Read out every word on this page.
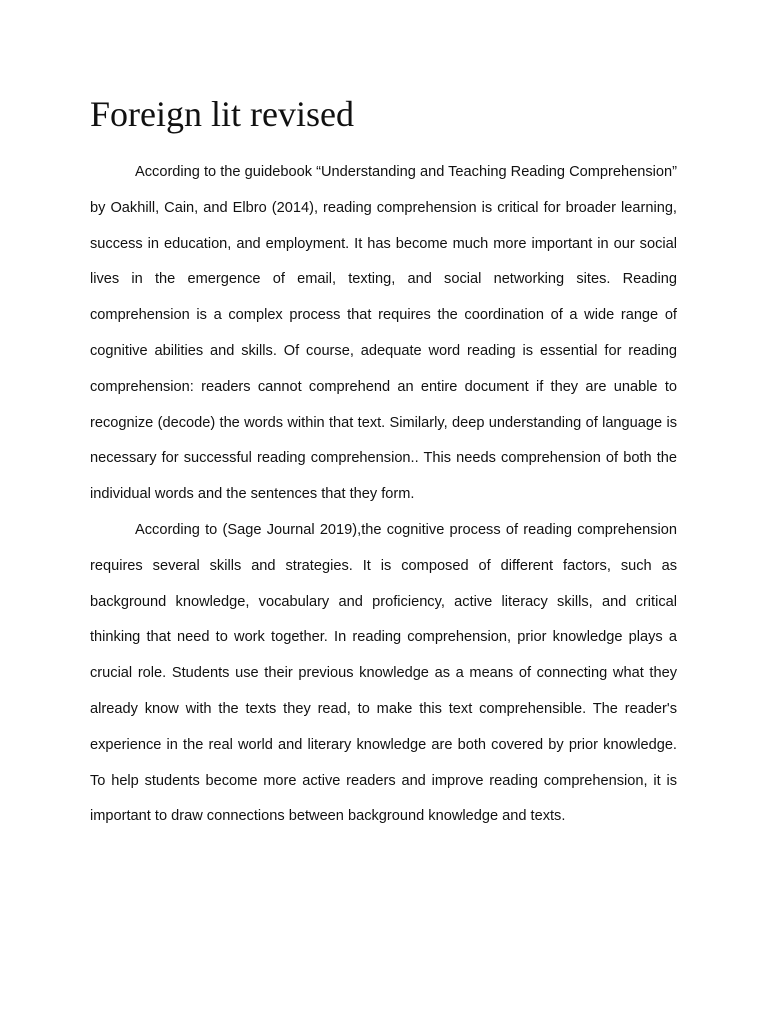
Foreign lit revised

According to the guidebook “Understanding and Teaching Reading Comprehension” by Oakhill, Cain, and Elbro (2014), reading comprehension is critical for broader learning, success in education, and employment. It has become much more important in our social lives in the emergence of email, texting, and social networking sites. Reading comprehension is a complex process that requires the coordination of a wide range of cognitive abilities and skills. Of course, adequate word reading is essential for reading comprehension: readers cannot comprehend an entire document if they are unable to recognize (decode) the words within that text. Similarly, deep understanding of language is necessary for successful reading comprehension.. This needs comprehension of both the individual words and the sentences that they form.

According to (Sage Journal 2019),the cognitive process of reading comprehension requires several skills and strategies. It is composed of different factors, such as background knowledge, vocabulary and proficiency, active literacy skills, and critical thinking that need to work together. In reading comprehension, prior knowledge plays a crucial role. Students use their previous knowledge as a means of connecting what they already know with the texts they read, to make this text comprehensible. The reader's experience in the real world and literary knowledge are both covered by prior knowledge. To help students become more active readers and improve reading comprehension, it is important to draw connections between background knowledge and texts.
